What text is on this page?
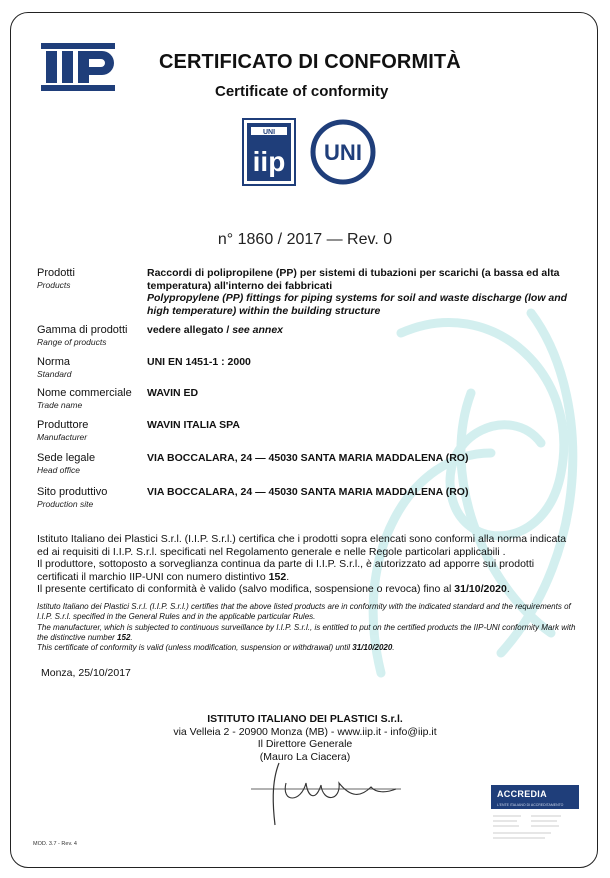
CERTIFICATO DI CONFORMITÀ
Certificate of conformity
UNI
iip UNI
n° 1860 / 2017 — Rev. 0
Prodotti
Products
Raccordi di polipropilene (PP) per sistemi di tubazioni per scarichi (a bassa ed alta temperatura) all'interno dei fabbricati
Polypropylene (PP) fittings for piping systems for soil and waste discharge (low and high temperature) within the building structure
Gamma di prodotti
Range of products
vedere allegato / see annex
Norma
Standard
UNI EN 1451-1 : 2000
Nome commerciale
Trade name
WAVIN ED
Produttore
Manufacturer
WAVIN ITALIA SPA
Sede legale
Head office
VIA BOCCALARA, 24 — 45030 SANTA MARIA MADDALENA (RO)
Sito produttivo
Production site
VIA BOCCALARA, 24 — 45030 SANTA MARIA MADDALENA (RO)
Istituto Italiano dei Plastici S.r.l. (I.I.P. S.r.l.) certifica che i prodotti sopra elencati sono conformi alla norma indicata ed ai requisiti di I.I.P. S.r.l. specificati nel Regolamento generale e nelle Regole particolari applicabili .
Il produttore, sottoposto a sorveglianza continua da parte di I.I.P. S.r.l., è autorizzato ad apporre sui prodotti certificati il marchio IIP-UNI con numero distintivo 152.
Il presente certificato di conformità è valido (salvo modifica, sospensione o revoca) fino al 31/10/2020.
Istituto Italiano dei Plastici S.r.l. (I.I.P. S.r.l.) certifies that the above listed products are in conformity with the indicated standard and the requirements of I.I.P. S.r.l. specified in the General Rules and in the applicable particular Rules.
The manufacturer, which is subjected to continuous surveillance by I.I.P. S.r.l., is entitled to put on the certified products the IIP-UNI conformity Mark with the distinctive number 152.
This certificate of conformity is valid (unless modification, suspension or withdrawal) until 31/10/2020.
Monza, 25/10/2017
ISTITUTO ITALIANO DEI PLASTICI S.r.l.
via Velleia 2 - 20900 Monza (MB) - www.iip.it - info@iip.it
Il Direttore Generale
(Mauro La Ciacera)
ACCREDIA
L'ENTE ITALIANO DI ACCREDITAMENTO
MOD. 3.7 - Rev. 4
